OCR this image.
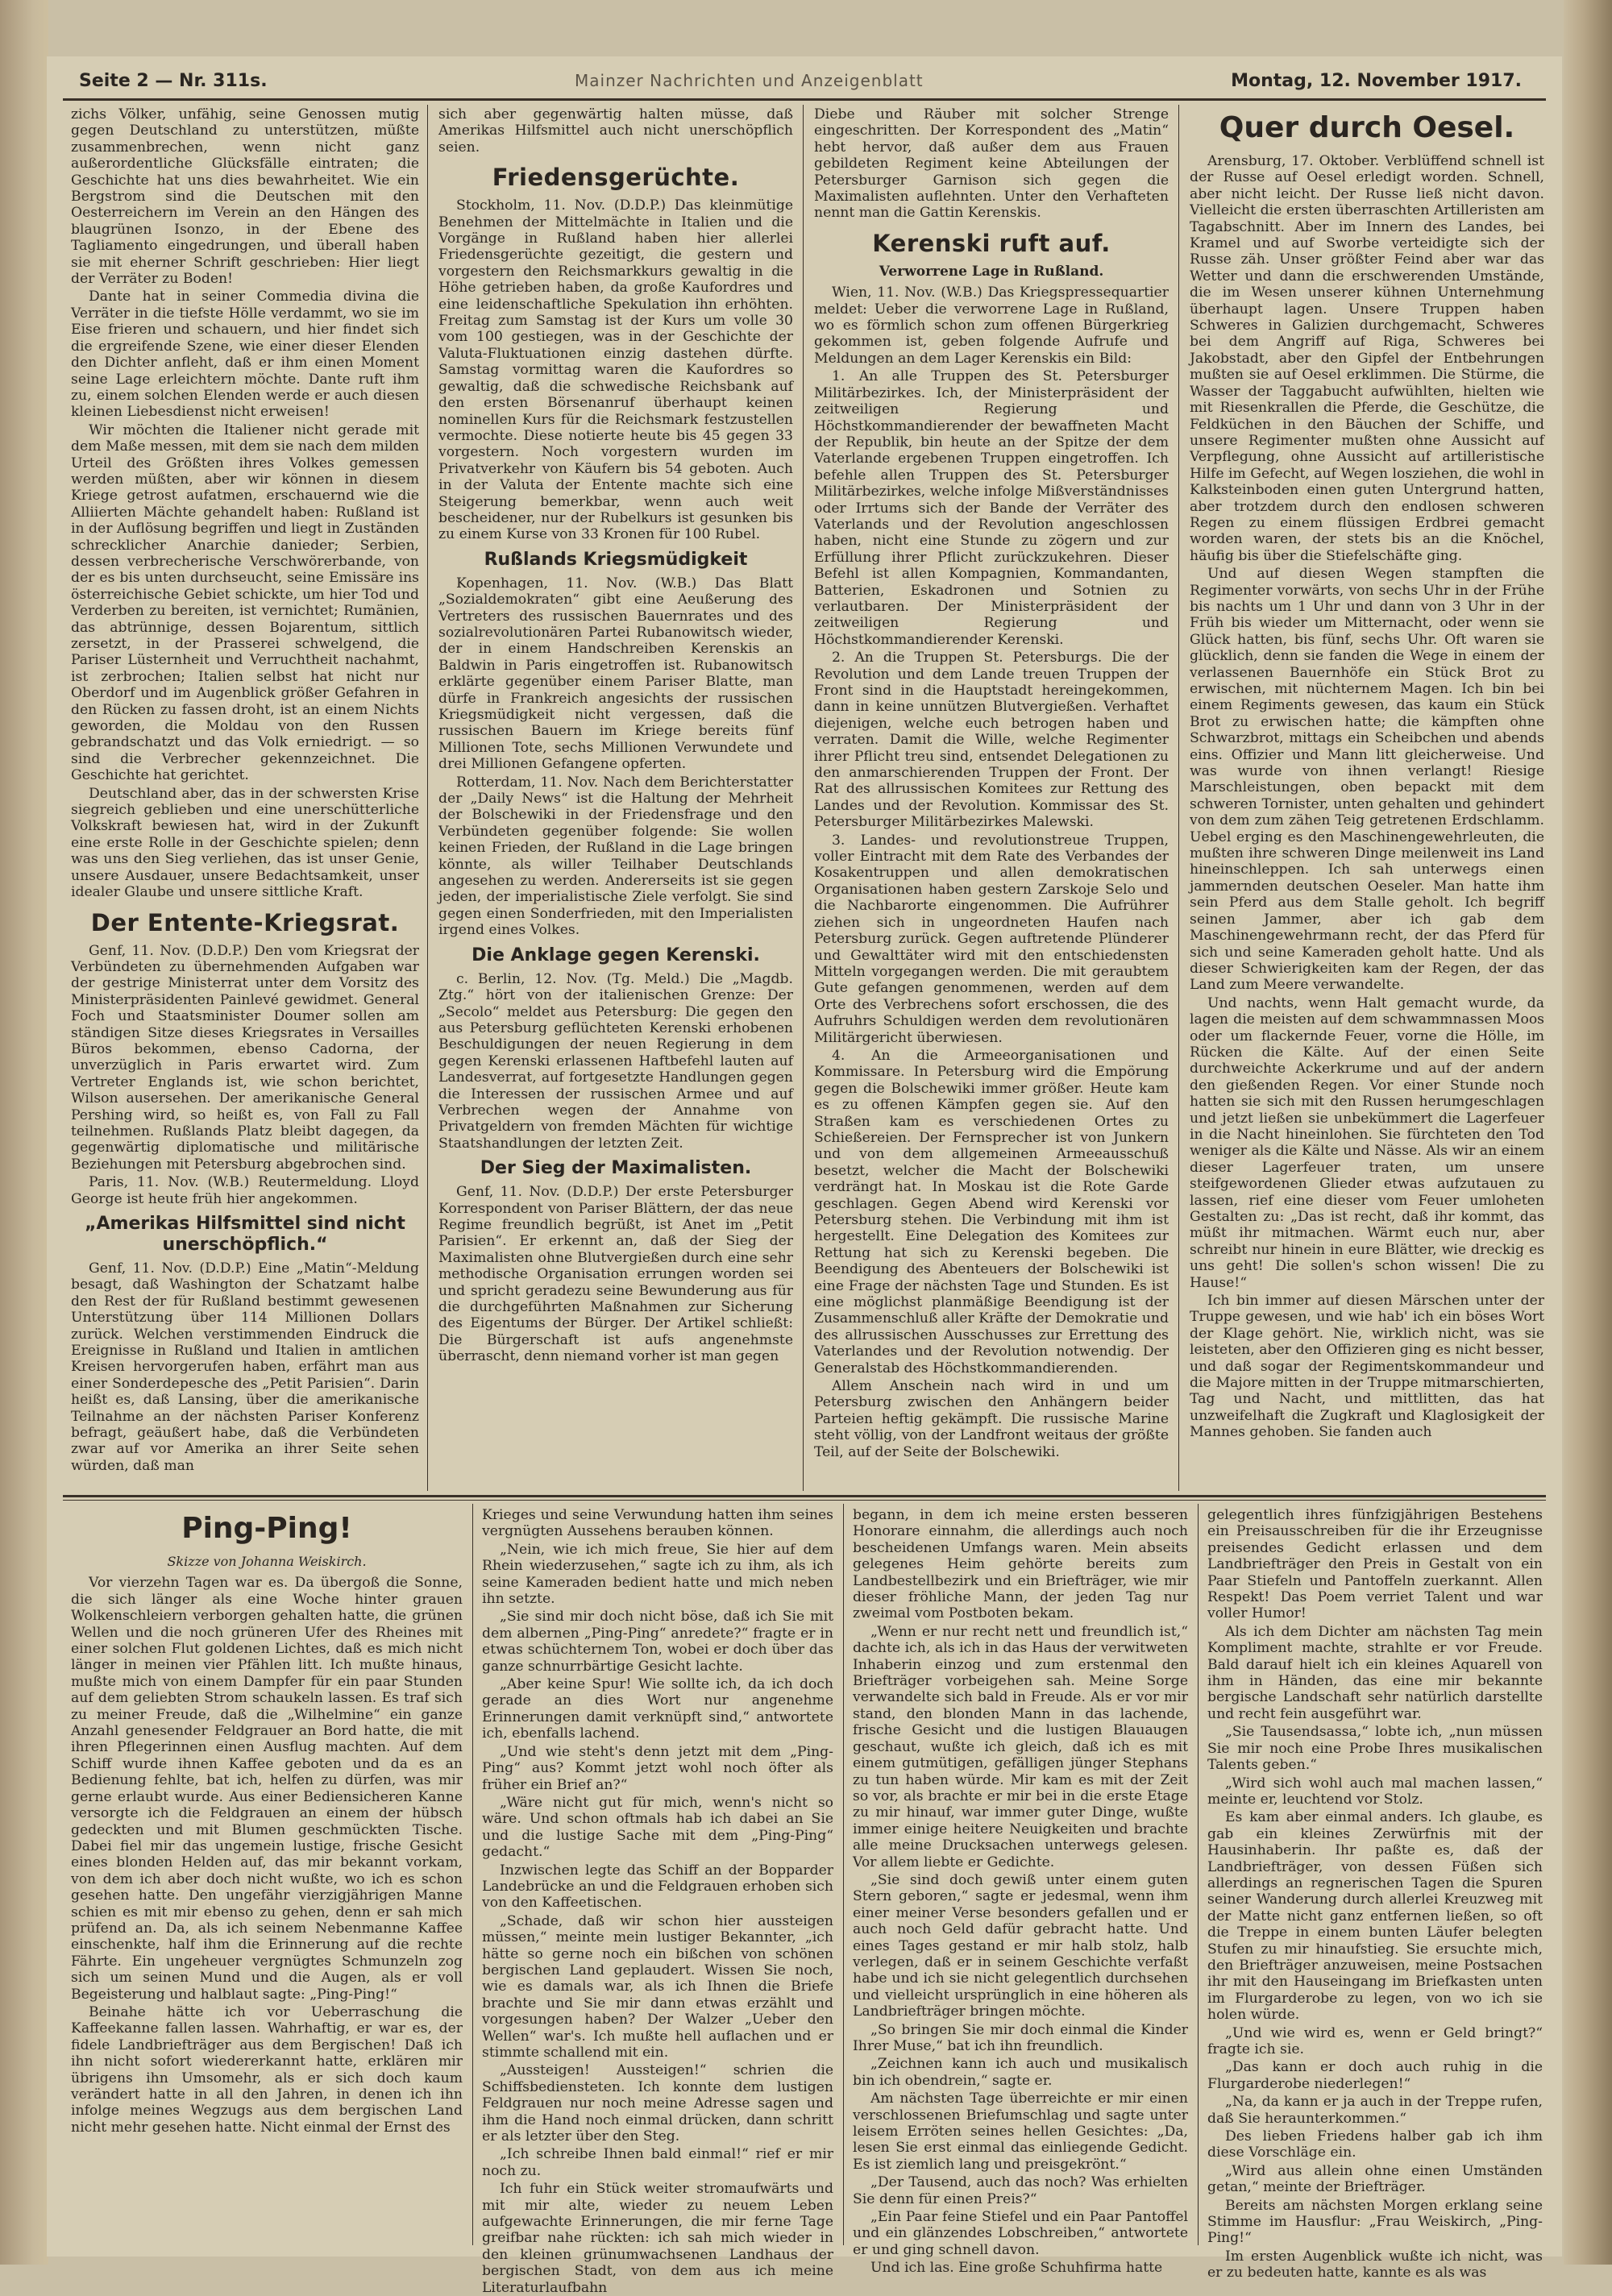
Seite 2 — Nr. 311s.	Mainzer Nachrichten und Anzeigenblatt	Montag, 12. November 1917.

zichs Völker, unfähig, seine Genossen mutig gegen Deutschland zu unterstützen, müßte zusammenbrechen, wenn nicht ganz außerordentliche Glücksfälle eintraten; die Geschichte hat uns dies bewahrheitet. Wie ein Bergstrom sind die Deutschen mit den Oesterreichern im Verein an den Hängen des blaugrünen Isonzo, in der Ebene des Tagliamento eingedrungen, und überall haben sie mit eherner Schrift geschrieben: Hier liegt der Verräter zu Boden!

Dante hat in seiner Commedia divina die Verräter in die tiefste Hölle verdammt, wo sie im Eise frieren und schauern, und hier findet sich die ergreifende Szene, wie einer dieser Elenden den Dichter anfleht, daß er ihm einen Moment seine Lage erleichtern möchte. Dante ruft ihm zu, einem solchen Elenden werde er auch diesen kleinen Liebesdienst nicht erweisen!

Wir möchten die Italiener nicht gerade mit dem Maße messen, mit dem sie nach dem milden Urteil des Größten ihres Volkes gemessen werden müßten, aber wir können in diesem Kriege getrost aufatmen, erschauernd wie die Alliierten Mächte gehandelt haben: Rußland ist in der Auflösung begriffen und liegt in Zuständen schrecklicher Anarchie danieder; Serbien, dessen verbrecherische Verschwörerbande, von der es bis unten durchseucht, seine Emissäre ins österreichische Gebiet schickte, um hier Tod und Verderben zu bereiten, ist vernichtet; Rumänien, das abtrünnige, dessen Bojarentum, sittlich zersetzt, in der Prasserei schwelgend, die Pariser Lüsternheit und Verruchtheit nachahmt, ist zerbrochen; Italien selbst hat nicht nur Oberdorf und im Augenblick größer Gefahren in den Rücken zu fassen droht, ist an einem Nichts geworden, die Moldau von den Russen gebrandschatzt und das Volk erniedrigt. — so sind die Verbrecher gekennzeichnet. Die Geschichte hat gerichtet.

Deutschland aber, das in der schwersten Krise siegreich geblieben und eine unerschütterliche Volkskraft bewiesen hat, wird in der Zukunft eine erste Rolle in der Geschichte spielen; denn was uns den Sieg verliehen, das ist unser Genie, unsere Ausdauer, unsere Bedachtsamkeit, unser idealer Glaube und unsere sittliche Kraft.

Der Entente-Kriegsrat.

Genf, 11. Nov. (D.D.P.) Den vom Kriegsrat der Verbündeten zu übernehmenden Aufgaben war der gestrige Ministerrat unter dem Vorsitz des Ministerpräsidenten Painlevé gewidmet. General Foch und Staatsminister Doumer sollen am ständigen Sitze dieses Kriegsrates in Versailles Büros bekommen, ebenso Cadorna, der unverzüglich in Paris erwartet wird. Zum Vertreter Englands ist, wie schon berichtet, Wilson ausersehen. Der amerikanische General Pershing wird, so heißt es, von Fall zu Fall teilnehmen. Rußlands Platz bleibt dagegen, da gegenwärtig diplomatische und militärische Beziehungen mit Petersburg abgebrochen sind.

Paris, 11. Nov. (W.B.) Reutermeldung. Lloyd George ist heute früh hier angekommen.

„Amerikas Hilfsmittel sind nicht unerschöpflich.“

Genf, 11. Nov. (D.D.P.) Eine „Matin“-Meldung besagt, daß Washington der Schatzamt halbe den Rest der für Rußland bestimmt gewesenen Unterstützung über 114 Millionen Dollars zurück. Welchen verstimmenden Eindruck die Ereignisse in Rußland und Italien in amtlichen Kreisen hervorgerufen haben, erfährt man aus einer Sonderdepesche des „Petit Parisien“. Darin heißt es, daß Lansing, über die amerikanische Teilnahme an der nächsten Pariser Konferenz befragt, geäußert habe, daß die Verbündeten zwar auf vor Amerika an ihrer Seite sehen würden, daß man

sich aber gegenwärtig halten müsse, daß Amerikas Hilfsmittel auch nicht unerschöpflich seien.

Friedensgerüchte.

Stockholm, 11. Nov. (D.D.P.) Das kleinmütige Benehmen der Mittelmächte in Italien und die Vorgänge in Rußland haben hier allerlei Friedensgerüchte gezeitigt, die gestern und vorgestern den Reichsmarkkurs gewaltig in die Höhe getrieben haben, da große Kaufordres und eine leidenschaftliche Spekulation ihn erhöhten. Freitag zum Samstag ist der Kurs um volle 30 vom 100 gestiegen, was in der Geschichte der Valuta-Fluktuationen einzig dastehen dürfte. Samstag vormittag waren die Kaufordres so gewaltig, daß die schwedische Reichsbank auf den ersten Börsenanruf überhaupt keinen nominellen Kurs für die Reichsmark festzustellen vermochte. Diese notierte heute bis 45 gegen 33 vorgestern. Noch vorgestern wurden im Privatverkehr von Käufern bis 54 geboten. Auch in der Valuta der Entente machte sich eine Steigerung bemerkbar, wenn auch weit bescheidener, nur der Rubelkurs ist gesunken bis zu einem Kurse von 33 Kronen für 100 Rubel.

Rußlands Kriegsmüdigkeit

Kopenhagen, 11. Nov. (W.B.) Das Blatt „Sozialdemokraten“ gibt eine Aeußerung des Vertreters des russischen Bauernrates und des sozialrevolutionären Partei Rubanowitsch wieder, der in einem Handschreiben Kerenskis an Baldwin in Paris eingetroffen ist. Rubanowitsch erklärte gegenüber einem Pariser Blatte, man dürfe in Frankreich angesichts der russischen Kriegsmüdigkeit nicht vergessen, daß die russischen Bauern im Kriege bereits fünf Millionen Tote, sechs Millionen Verwundete und drei Millionen Gefangene opferten.

Rotterdam, 11. Nov. Nach dem Berichterstatter der „Daily News“ ist die Haltung der Mehrheit der Bolschewiki in der Friedensfrage und den Verbündeten gegenüber folgende: Sie wollen keinen Frieden, der Rußland in die Lage bringen könnte, als willer Teilhaber Deutschlands angesehen zu werden. Andererseits ist sie gegen jeden, der imperialistische Ziele verfolgt. Sie sind gegen einen Sonderfrieden, mit den Imperialisten irgend eines Volkes.

Die Anklage gegen Kerenski.

c. Berlin, 12. Nov. (Tg. Meld.) Die „Magdb. Ztg.“ hört von der italienischen Grenze: Der „Secolo“ meldet aus Petersburg: Die gegen den aus Petersburg geflüchteten Kerenski erhobenen Beschuldigungen der neuen Regierung in dem gegen Kerenski erlassenen Haftbefehl lauten auf Landesverrat, auf fortgesetzte Handlungen gegen die Interessen der russischen Armee und auf Verbrechen wegen der Annahme von Privatgeldern von fremden Mächten für wichtige Staatshandlungen der letzten Zeit.

Der Sieg der Maximalisten.

Genf, 11. Nov. (D.D.P.) Der erste Petersburger Korrespondent von Pariser Blättern, der das neue Regime freundlich begrüßt, ist Anet im „Petit Parisien“. Er erkennt an, daß der Sieg der Maximalisten ohne Blutvergießen durch eine sehr methodische Organisation errungen worden sei und spricht geradezu seine Bewunderung aus für die durchgeführten Maßnahmen zur Sicherung des Eigentums der Bürger. Der Artikel schließt: Die Bürgerschaft ist aufs angenehmste überrascht, denn niemand vorher ist man gegen

Diebe und Räuber mit solcher Strenge eingeschritten. Der Korrespondent des „Matin“ hebt hervor, daß außer dem aus Frauen gebildeten Regiment keine Abteilungen der Petersburger Garnison sich gegen die Maximalisten auflehnten. Unter den Verhafteten nennt man die Gattin Kerenskis.

Kerenski ruft auf.
Verworrene Lage in Rußland.

Wien, 11. Nov. (W.B.) Das Kriegspressequartier meldet: Ueber die verworrene Lage in Rußland, wo es förmlich schon zum offenen Bürgerkrieg gekommen ist, geben folgende Aufrufe und Meldungen an dem Lager Kerenskis ein Bild:

1. An alle Truppen des St. Petersburger Militärbezirkes. Ich, der Ministerpräsident der zeitweiligen Regierung und Höchstkommandierender der bewaffneten Macht der Republik, bin heute an der Spitze der dem Vaterlande ergebenen Truppen eingetroffen. Ich befehle allen Truppen des St. Petersburger Militärbezirkes, welche infolge Mißverständnisses oder Irrtums sich der Bande der Verräter des Vaterlands und der Revolution angeschlossen haben, nicht eine Stunde zu zögern und zur Erfüllung ihrer Pflicht zurückzukehren. Dieser Befehl ist allen Kompagnien, Kommandanten, Batterien, Eskadronen und Sotnien zu verlautbaren. Der Ministerpräsident der zeitweiligen Regierung und Höchstkommandierender Kerenski.

2. An die Truppen St. Petersburgs. Die der Revolution und dem Lande treuen Truppen der Front sind in die Hauptstadt hereingekommen, dann in keine unnützen Blutvergießen. Verhaftet diejenigen, welche euch betrogen haben und verraten. Damit die Wille, welche Regimenter ihrer Pflicht treu sind, entsendet Delegationen zu den anmarschierenden Truppen der Front. Der Rat des allrussischen Komitees zur Rettung des Landes und der Revolution. Kommissar des St. Petersburger Militärbezirkes Malewski.

3. Landes- und revolutionstreue Truppen, voller Eintracht mit dem Rate des Verbandes der Kosakentruppen und allen demokratischen Organisationen haben gestern Zarskoje Selo und die Nachbarorte eingenommen. Die Aufrührer ziehen sich in ungeordneten Haufen nach Petersburg zurück. Gegen auftretende Plünderer und Gewalttäter wird mit den entschiedensten Mitteln vorgegangen werden. Die mit geraubtem Gute gefangen genommenen, werden auf dem Orte des Verbrechens sofort erschossen, die des Aufruhrs Schuldigen werden dem revolutionären Militärgericht überwiesen.

4. An die Armeeorganisationen und Kommissare. In Petersburg wird die Empörung gegen die Bolschewiki immer größer. Heute kam es zu offenen Kämpfen gegen sie. Auf den Straßen kam es verschiedenen Ortes zu Schießereien. Der Fernsprecher ist von Junkern und von dem allgemeinen Armeeausschuß besetzt, welcher die Macht der Bolschewiki verdrängt hat. In Moskau ist die Rote Garde geschlagen. Gegen Abend wird Kerenski vor Petersburg stehen. Die Verbindung mit ihm ist hergestellt. Eine Delegation des Komitees zur Rettung hat sich zu Kerenski begeben. Die Beendigung des Abenteuers der Bolschewiki ist eine Frage der nächsten Tage und Stunden. Es ist eine möglichst planmäßige Beendigung ist der Zusammenschluß aller Kräfte der Demokratie und des allrussischen Ausschusses zur Errettung des Vaterlandes und der Revolution notwendig. Der Generalstab des Höchstkommandierenden.

Allem Anschein nach wird in und um Petersburg zwischen den Anhängern beider Parteien heftig gekämpft. Die russische Marine steht völlig, von der Landfront weitaus der größte Teil, auf der Seite der Bolschewiki.

Quer durch Oesel.

Arensburg, 17. Oktober. Verblüffend schnell ist der Russe auf Oesel erledigt worden. Schnell, aber nicht leicht. Der Russe ließ nicht davon. Vielleicht die ersten überraschten Artilleristen am Tagabschnitt. Aber im Innern des Landes, bei Kramel und auf Sworbe verteidigte sich der Russe zäh. Unser größter Feind aber war das Wetter und dann die erschwerenden Umstände, die im Wesen unserer kühnen Unternehmung überhaupt lagen. Unsere Truppen haben Schweres in Galizien durchgemacht, Schweres bei dem Angriff auf Riga, Schweres bei Jakobstadt, aber den Gipfel der Entbehrungen mußten sie auf Oesel erklimmen. Die Stürme, die Wasser der Taggabucht aufwühlten, hielten wie mit Riesenkrallen die Pferde, die Geschütze, die Feldküchen in den Bäuchen der Schiffe, und unsere Regimenter mußten ohne Aussicht auf Verpflegung, ohne Aussicht auf artilleristische Hilfe im Gefecht, auf Wegen losziehen, die wohl in Kalksteinboden einen guten Untergrund hatten, aber trotzdem durch den endlosen schweren Regen zu einem flüssigen Erdbrei gemacht worden waren, der stets bis an die Knöchel, häufig bis über die Stiefelschäfte ging.

Und auf diesen Wegen stampften die Regimenter vorwärts, von sechs Uhr in der Frühe bis nachts um 1 Uhr und dann von 3 Uhr in der Früh bis wieder um Mitternacht, oder wenn sie Glück hatten, bis fünf, sechs Uhr. Oft waren sie glücklich, denn sie fanden die Wege in einem der verlassenen Bauernhöfe ein Stück Brot zu erwischen, mit nüchternem Magen. Ich bin bei einem Regiments gewesen, das kaum ein Stück Brot zu erwischen hatte; die kämpften ohne Schwarzbrot, mittags ein Scheibchen und abends eins. Offizier und Mann litt gleicherweise. Und was wurde von ihnen verlangt! Riesige Marschleistungen, oben bepackt mit dem schweren Tornister, unten gehalten und gehindert von dem zum zähen Teig getretenen Erdschlamm. Uebel erging es den Maschinengewehrleuten, die mußten ihre schweren Dinge meilenweit ins Land hineinschleppen. Ich sah unterwegs einen jammernden deutschen Oeseler. Man hatte ihm sein Pferd aus dem Stalle geholt. Ich begriff seinen Jammer, aber ich gab dem Maschinengewehrmann recht, der das Pferd für sich und seine Kameraden geholt hatte. Und als dieser Schwierigkeiten kam der Regen, der das Land zum Meere verwandelte.

Und nachts, wenn Halt gemacht wurde, da lagen die meisten auf dem schwammnassen Moos oder um flackernde Feuer, vorne die Hölle, im Rücken die Kälte. Auf der einen Seite durchweichte Ackerkrume und auf der andern den gießenden Regen. Vor einer Stunde noch hatten sie sich mit den Russen herumgeschlagen und jetzt ließen sie unbekümmert die Lagerfeuer in die Nacht hineinlohen. Sie fürchteten den Tod weniger als die Kälte und Nässe. Als wir an einem dieser Lagerfeuer traten, um unsere steifgewordenen Glieder etwas aufzutauen zu lassen, rief eine dieser vom Feuer umloheten Gestalten zu: „Das ist recht, daß ihr kommt, das müßt ihr mitmachen. Wärmt euch nur, aber schreibt nur hinein in eure Blätter, wie dreckig es uns geht! Die sollen's schon wissen! Die zu Hause!“

Ich bin immer auf diesen Märschen unter der Truppe gewesen, und wie hab' ich ein böses Wort der Klage gehört. Nie, wirklich nicht, was sie leisteten, aber den Offizieren ging es nicht besser, und daß sogar der Regimentskommandeur und die Majore mitten in der Truppe mitmarschierten, Tag und Nacht, und mittlitten, das hat unzweifelhaft die Zugkraft und Klaglosigkeit der Mannes gehoben. Sie fanden auch

Ping-Ping!
Skizze von Johanna Weiskirch.

Vor vierzehn Tagen war es. Da übergoß die Sonne, die sich länger als eine Woche hinter grauen Wolkenschleiern verborgen gehalten hatte, die grünen Wellen und die noch grüneren Ufer des Rheines mit einer solchen Flut goldenen Lichtes, daß es mich nicht länger in meinen vier Pfählen litt. Ich mußte hinaus, mußte mich von einem Dampfer für ein paar Stunden auf dem geliebten Strom schaukeln lassen. Es traf sich zu meiner Freude, daß die „Wilhelmine“ ein ganze Anzahl genesender Feldgrauer an Bord hatte, die mit ihren Pflegerinnen einen Ausflug machten. Auf dem Schiff wurde ihnen Kaffee geboten und da es an Bedienung fehlte, bat ich, helfen zu dürfen, was mir gerne erlaubt wurde. Aus einer Bediensicheren Kanne versorgte ich die Feldgrauen an einem der hübsch gedeckten und mit Blumen geschmückten Tische. Dabei fiel mir das ungemein lustige, frische Gesicht eines blonden Helden auf, das mir bekannt vorkam, von dem ich aber doch nicht wußte, wo ich es schon gesehen hatte. Den ungefähr vierzigjährigen Manne schien es mit mir ebenso zu gehen, denn er sah mich prüfend an. Da, als ich seinem Nebenmanne Kaffee einschenkte, half ihm die Erinnerung auf die rechte Fährte. Ein ungeheuer vergnügtes Schmunzeln zog sich um seinen Mund und die Augen, als er voll Begeisterung und halblaut sagte: „Ping-Ping!“

Beinahe hätte ich vor Ueberraschung die Kaffeekanne fallen lassen. Wahrhaftig, er war es, der fidele Landbriefträger aus dem Bergischen! Daß ich ihn nicht sofort wiedererkannt hatte, erklären mir übrigens ihn Umsomehr, als er sich doch kaum verändert hatte in all den Jahren, in denen ich ihn infolge meines Wegzugs aus dem bergischen Land nicht mehr gesehen hatte. Nicht einmal der Ernst des

Krieges und seine Verwundung hatten ihm seines vergnügten Aussehens berauben können.

„Nein, wie ich mich freue, Sie hier auf dem Rhein wiederzusehen,“ sagte ich zu ihm, als ich seine Kameraden bedient hatte und mich neben ihn setzte.

„Sie sind mir doch nicht böse, daß ich Sie mit dem albernen „Ping-Ping“ anredete?“ fragte er in etwas schüchternem Ton, wobei er doch über das ganze schnurrbärtige Gesicht lachte.

„Aber keine Spur! Wie sollte ich, da ich doch gerade an dies Wort nur angenehme Erinnerungen damit verknüpft sind,“ antwortete ich, ebenfalls lachend.

„Und wie steht's denn jetzt mit dem „Ping-Ping“ aus? Kommt jetzt wohl noch öfter als früher ein Brief an?“

„Wäre nicht gut für mich, wenn's nicht so wäre. Und schon oftmals hab ich dabei an Sie und die lustige Sache mit dem „Ping-Ping“ gedacht.“

Inzwischen legte das Schiff an der Bopparder Landebrücke an und die Feldgrauen erhoben sich von den Kaffeetischen.

„Schade, daß wir schon hier aussteigen müssen,“ meinte mein lustiger Bekannter, „ich hätte so gerne noch ein bißchen von schönen bergischen Land geplaudert. Wissen Sie noch, wie es damals war, als ich Ihnen die Briefe brachte und Sie mir dann etwas erzählt und vorgesungen haben? Der Walzer „Ueber den Wellen“ war's. Ich mußte hell auflachen und er stimmte schallend mit ein.

„Aussteigen! Aussteigen!“ schrien die Schiffsbediensteten. Ich konnte dem lustigen Feldgrauen nur noch meine Adresse sagen und ihm die Hand noch einmal drücken, dann schritt er als letzter über den Steg.

„Ich schreibe Ihnen bald einmal!“ rief er mir noch zu.

Ich fuhr ein Stück weiter stromaufwärts und mit mir alte, wieder zu neuem Leben aufgewachte Erinnerungen, die mir ferne Tage greifbar nahe rückten: ich sah mich wieder in den kleinen grünumwachsenen Landhaus der bergischen Stadt, von dem aus ich meine Literaturlaufbahn

begann, in dem ich meine ersten besseren Honorare einnahm, die allerdings auch noch bescheidenen Umfangs waren. Mein abseits gelegenes Heim gehörte bereits zum Landbestellbezirk und ein Briefträger, wie mir dieser fröhliche Mann, der jeden Tag nur zweimal vom Postboten bekam.

„Wenn er nur recht nett und freundlich ist,“ dachte ich, als ich in das Haus der verwitweten Inhaberin einzog und zum erstenmal den Briefträger vorbeigehen sah. Meine Sorge verwandelte sich bald in Freude. Als er vor mir stand, den blonden Mann in das lachende, frische Gesicht und die lustigen Blauaugen geschaut, wußte ich gleich, daß ich es mit einem gutmütigen, gefälligen jünger Stephans zu tun haben würde. Mir kam es mit der Zeit so vor, als brachte er mir bei in die erste Etage zu mir hinauf, war immer guter Dinge, wußte immer einige heitere Neuigkeiten und brachte alle meine Drucksachen unterwegs gelesen. Vor allem liebte er Gedichte.

„Sie sind doch gewiß unter einem guten Stern geboren,“ sagte er jedesmal, wenn ihm einer meiner Verse besonders gefallen und er auch noch Geld dafür gebracht hatte. Und eines Tages gestand er mir halb stolz, halb verlegen, daß er in seinem Geschichte verfaßt habe und ich sie nicht gelegentlich durchsehen und vielleicht ursprünglich in eine höheren als Landbriefträger bringen möchte.

„So bringen Sie mir doch einmal die Kinder Ihrer Muse,“ bat ich ihn freundlich.

„Zeichnen kann ich auch und musikalisch bin ich obendrein,“ sagte er.

Am nächsten Tage überreichte er mir einen verschlossenen Briefumschlag und sagte unter leisem Erröten seines hellen Gesichtes: „Da, lesen Sie erst einmal das einliegende Gedicht. Es ist ziemlich lang und preisgekrönt.“

„Der Tausend, auch das noch? Was erhielten Sie denn für einen Preis?“

„Ein Paar feine Stiefel und ein Paar Pantoffel und ein glänzendes Lobschreiben,“ antwortete er und ging schnell davon.

Und ich las. Eine große Schuhfirma hatte

gelegentlich ihres fünfzigjährigen Bestehens ein Preisausschreiben für die ihr Erzeugnisse preisendes Gedicht erlassen und dem Landbriefträger den Preis in Gestalt von ein Paar Stiefeln und Pantoffeln zuerkannt. Allen Respekt! Das Poem verriet Talent und war voller Humor!

Als ich dem Dichter am nächsten Tag mein Kompliment machte, strahlte er vor Freude. Bald darauf hielt ich ein kleines Aquarell von ihm in Händen, das eine mir bekannte bergische Landschaft sehr natürlich darstellte und recht fein ausgeführt war.

„Sie Tausendsassa,“ lobte ich, „nun müssen Sie mir noch eine Probe Ihres musikalischen Talents geben.“

„Wird sich wohl auch mal machen lassen,“ meinte er, leuchtend vor Stolz.

Es kam aber einmal anders. Ich glaube, es gab ein kleines Zerwürfnis mit der Hausinhaberin. Ihr paßte es, daß der Landbriefträger, von dessen Füßen sich allerdings an regnerischen Tagen die Spuren seiner Wanderung durch allerlei Kreuzweg mit der Matte nicht ganz entfernen ließen, so oft die Treppe in einem bunten Läufer belegten Stufen zu mir hinaufstieg. Sie ersuchte mich, den Briefträger anzuweisen, meine Postsachen ihr mit den Hauseingang im Briefkasten unten im Flurgarderobe zu legen, von wo ich sie holen würde.

„Und wie wird es, wenn er Geld bringt?“ fragte ich sie.

„Das kann er doch auch ruhig in die Flurgarderobe niederlegen!“

„Na, da kann er ja auch in der Treppe rufen, daß Sie heraunterkommen.“

Des lieben Friedens halber gab ich ihm diese Vorschläge ein.

„Wird aus allein ohne einen Umständen getan,“ meinte der Briefträger.

Bereits am nächsten Morgen erklang seine Stimme im Hausflur: „Frau Weiskirch, „Ping-Ping!“

Im ersten Augenblick wußte ich nicht, was er zu bedeuten hatte, kannte es als was
